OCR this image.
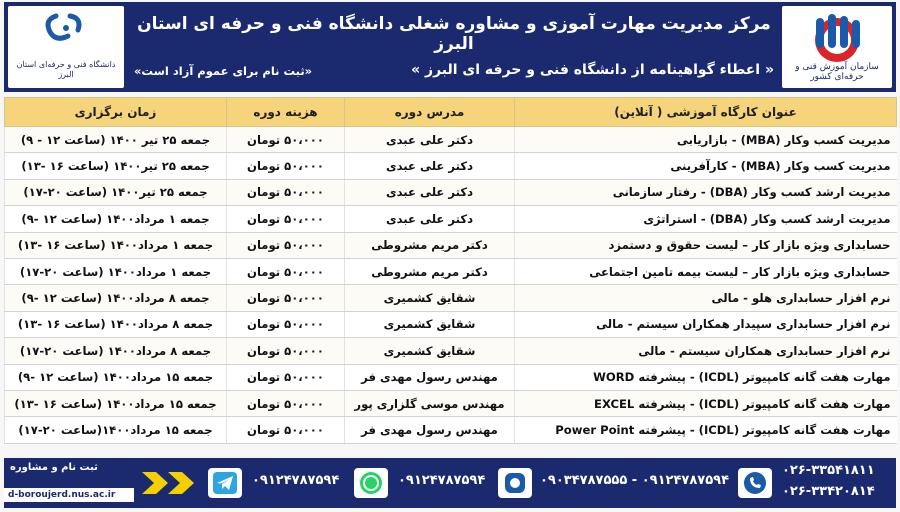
سازمان آموزش فنی و حرفه‌ای کشور
دانشگاه فنی و حرفه‌ای استان البرز
مرکز مدیریت مهارت آموزی و مشاوره شغلی دانشگاه فنی و حرفه ای استان البرز
« اعطاء گواهینامه از دانشگاه فنی و حرفه ای البرز »
«ثبت نام برای عموم آزاد است»
عنوان کارگاه آموزشی ( آنلاین)	مدرس دوره	هزینه دوره	زمان برگزاری
مدیریت کسب وکار (MBA) - بازاریابی	دکتر علی عبدی	۵۰،۰۰۰ تومان	جمعه ۲۵ تیر ۱۴۰۰ (ساعت ۱۲ - ۹)
مدیریت کسب وکار (MBA) - کارآفرینی	دکتر علی عبدی	۵۰،۰۰۰ تومان	جمعه ۲۵ تیر۱۴۰۰ (ساعت ۱۶ -۱۳)
مدیریت ارشد کسب وکار (DBA) - رفتار سازمانی	دکتر علی عبدی	۵۰،۰۰۰ تومان	جمعه ۲۵ تیر۱۴۰۰ (ساعت ۲۰-۱۷)
مدیریت ارشد کسب وکار (DBA) - استراتژی	دکتر علی عبدی	۵۰،۰۰۰ تومان	جمعه ۱ مرداد۱۴۰۰ (ساعت ۱۲ -۹)
حسابداری ویژه بازار کار – لیست حقوق و دستمزد	دکتر مریم مشروطی	۵۰،۰۰۰ تومان	جمعه ۱ مرداد۱۴۰۰ (ساعت ۱۶ -۱۳)
حسابداری ویژه بازار کار – لیست بیمه تامین اجتماعی	دکتر مریم مشروطی	۵۰،۰۰۰ تومان	جمعه ۱ مرداد۱۴۰۰ (ساعت ۲۰-۱۷)
نرم افزار حسابداری هلو - مالی	شقایق کشمیری	۵۰،۰۰۰ تومان	جمعه ۸ مرداد۱۴۰۰ (ساعت ۱۲ -۹)
نرم افزار حسابداری سپیدار همکاران سیستم - مالی	شقایق کشمیری	۵۰،۰۰۰ تومان	جمعه ۸ مرداد۱۴۰۰ (ساعت ۱۶ -۱۳)
نرم افزار حسابداری همکاران سیستم - مالی	شقایق کشمیری	۵۰،۰۰۰ تومان	جمعه ۸ مرداد۱۴۰۰ (ساعت ۲۰-۱۷)
مهارت هفت گانه کامپیوتر (ICDL) - پیشرفته WORD	مهندس رسول مهدی فر	۵۰،۰۰۰ تومان	جمعه ۱۵ مرداد۱۴۰۰ (ساعت ۱۲ -۹)
مهارت هفت گانه کامپیوتر (ICDL) - پیشرفته EXCEL	مهندس موسی گلزاری پور	۵۰،۰۰۰ تومان	جمعه ۱۵ مرداد۱۴۰۰ (ساعت ۱۶ -۱۳)
مهارت هفت گانه کامپیوتر (ICDL) - پیشرفته Power Point	مهندس رسول مهدی فر	۵۰،۰۰۰ تومان	جمعه ۱۵ مرداد۱۴۰۰(ساعت ۲۰-۱۷)
ثبت نام و مشاوره
۰۹۱۲۴۷۸۷۵۹۴	۰۹۱۲۴۷۸۷۵۹۴	۰۹۰۳۴۷۸۷۵۵۵ - ۰۹۱۲۴۷۸۷۵۹۴
۰۲۶-۳۳۵۴۱۸۱۱
۰۲۶-۳۳۴۲۰۸۱۴
d-boroujerd.nus.ac.ir
